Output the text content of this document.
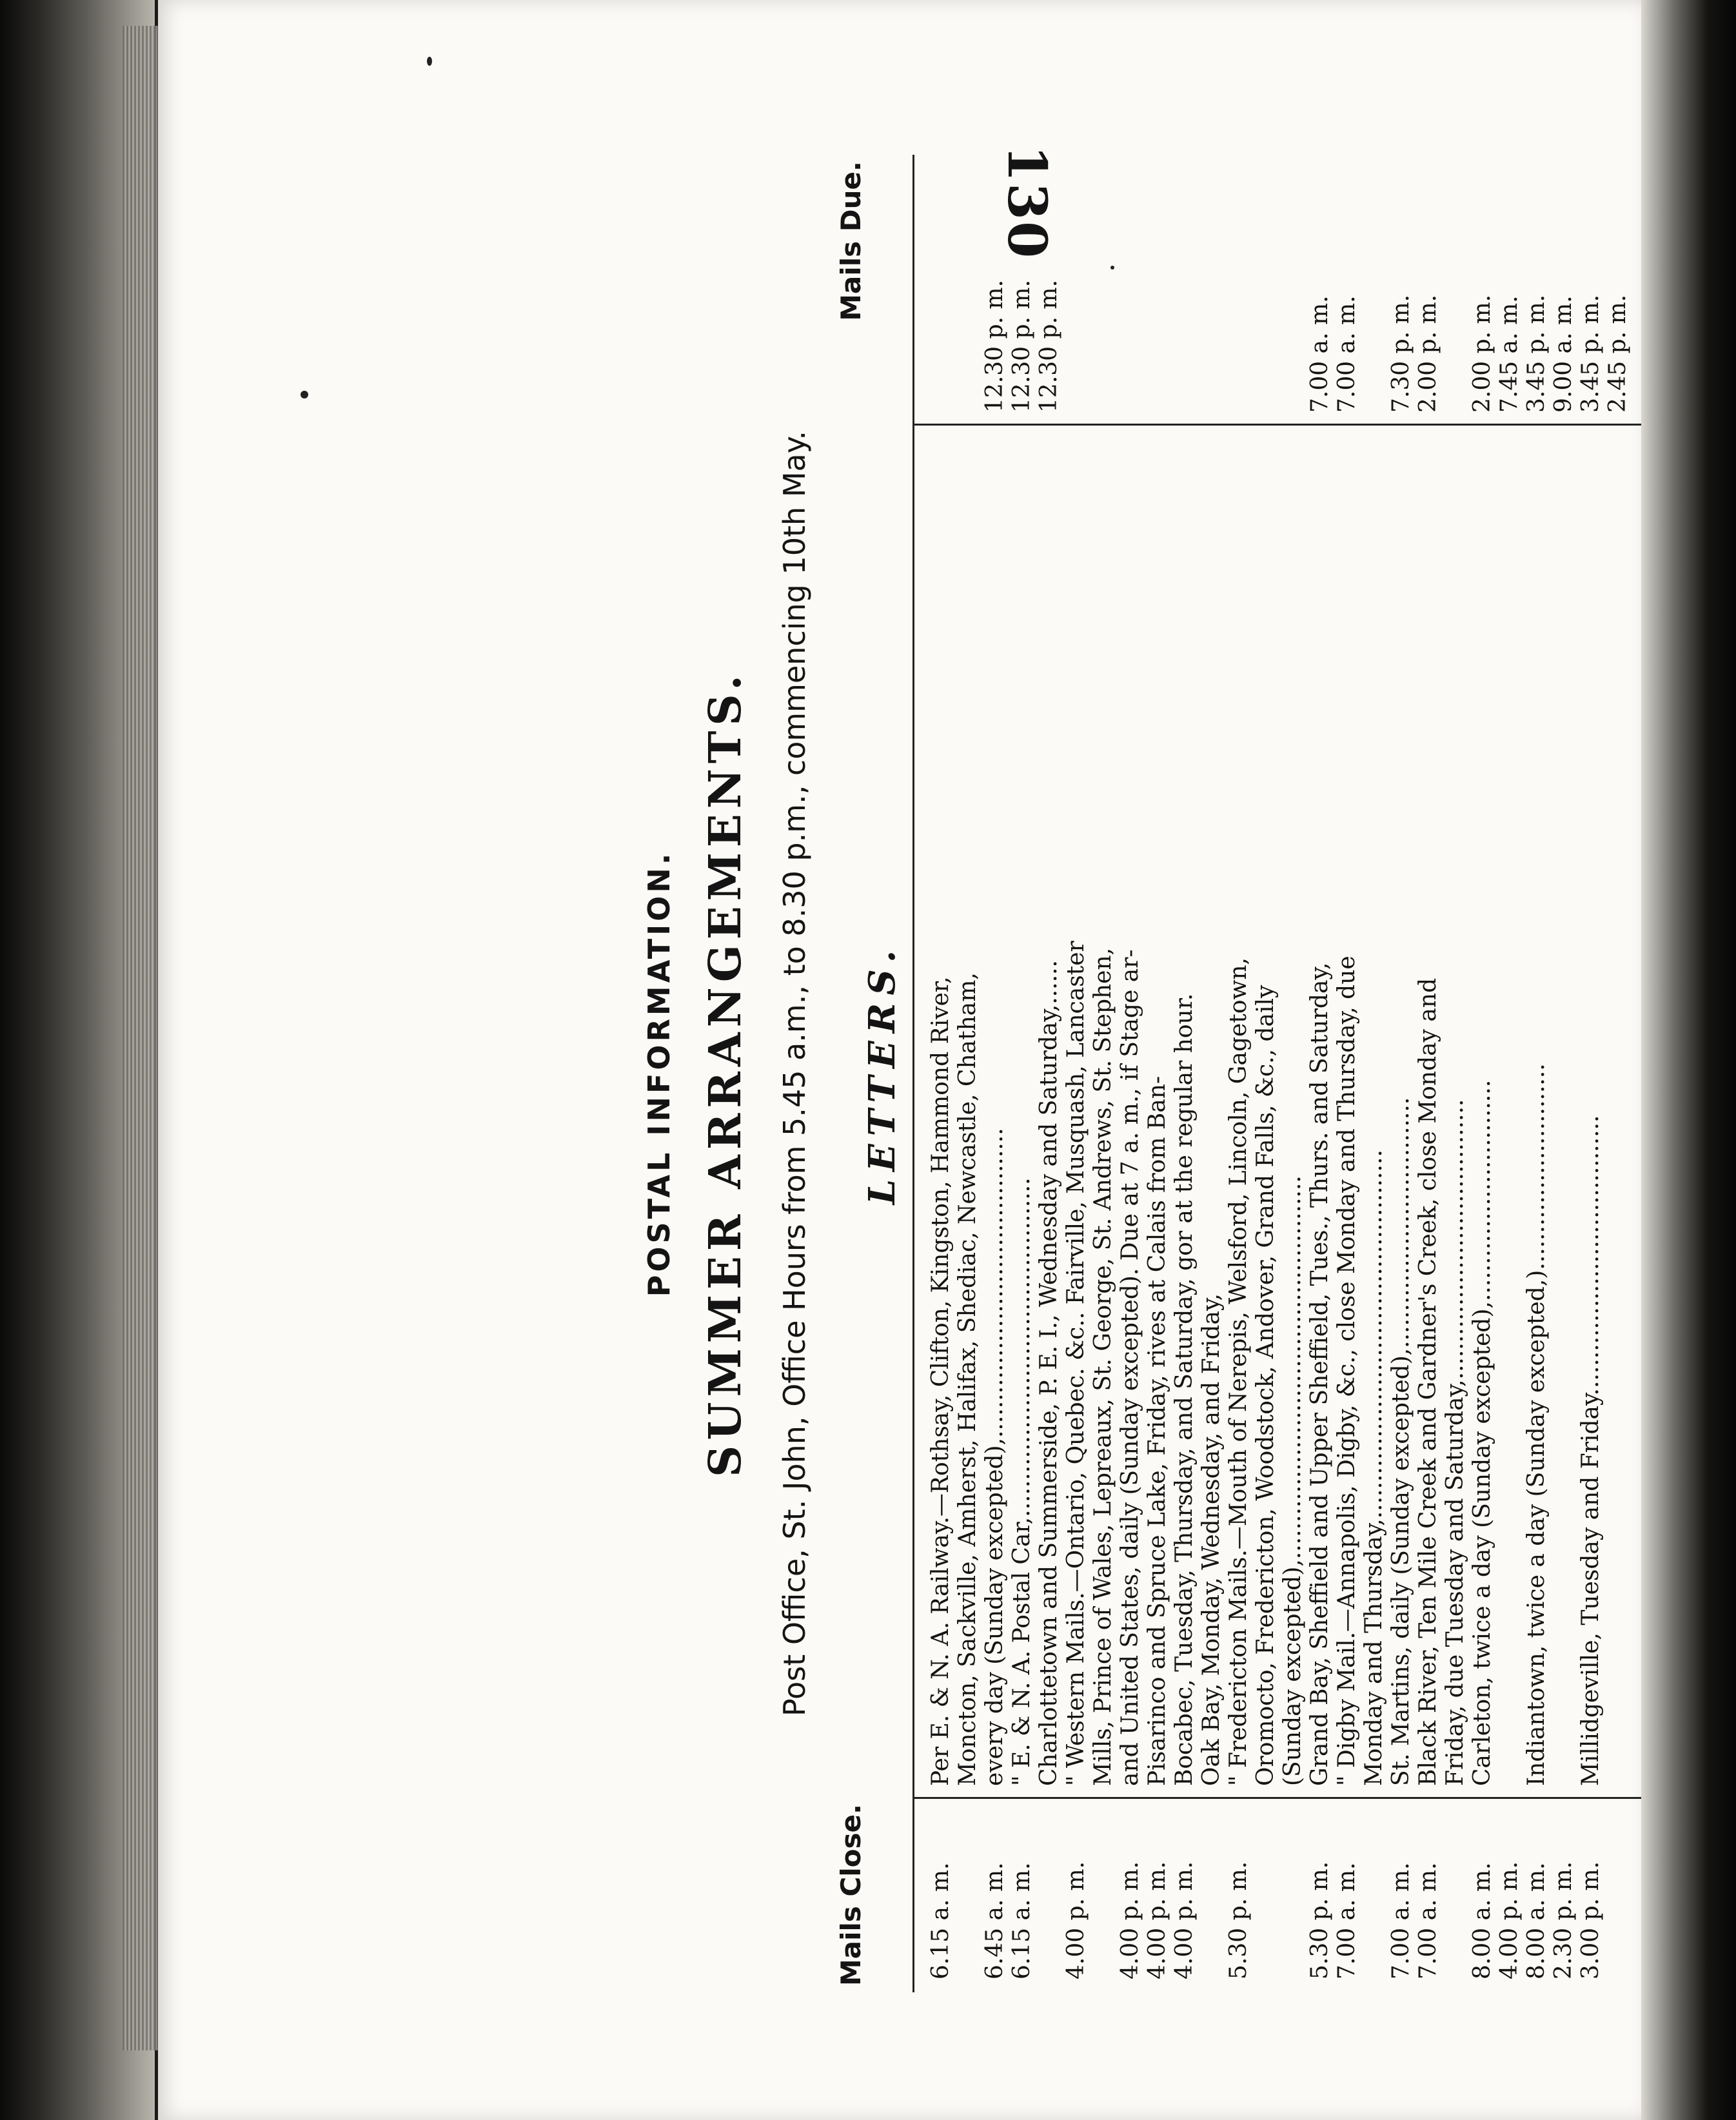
130
POSTAL INFORMATION. SUMMER ARRANGEMENTS. Post Office, St. John, Office Hours from 5.45 a.m., to 8.30 p.m., commencing 10th May.
Mails Close.
Mails Due.
LETTERS.
6.15 a. m.
Per E. & N. A. Railway.—Rothsay, Clifton, Kingston, Hammond River, Moncton, Sackville, Amherst, Halifax, Shediac, Newcastle, Chatham,
6.45 a. m.
every day (Sunday excepted),..........................................
12.30 p. m.
6.15 a. m.
" E. & N. A. Postal Car,..............................................
12.30 p. m.
Charlottetown and Summerside, P. E. I., Wednesday and Saturday,......
12.30 p. m.
4.00 p. m.
" Western Mails.—Ontario, Quebec. &c.. Fairville, Musquash, Lancaster Mills, Prince of Wales, Lepreaux, St. George, St. Andrews, St. Stephen,
4.00 p. m.
and United States, daily (Sunday excepted). Due at 7 a. m., if Stage ar-
4.00 p. m.
Pisarinco and Spruce Lake, Friday, rives at Calais from Ban-
4.00 p. m.
Bocabec, Tuesday, Thursday, and Saturday, gor at the regular hour. Oak Bay, Monday, Wednesday, and Friday,
5.30 p. m.
" Fredericton Mails.—Mouth of Nerepis, Welsford, Lincoln, Gagetown, Oromocto, Fredericton, Woodstock, Andover, Grand Falls, &c., daily (Sunday excepted),....................................................
5.30 p. m.
Grand Bay, Sheffield and Upper Sheffield, Tues., Thurs. and Saturday,
7.00 a. m.
7.00 a. m.
" Digby Mail.—Annapolis, Digby, &c., close Monday and Thursday, due
7.00 a. m.
Monday and Thursday,..................................................
7.00 a. m.
St. Martins, daily (Sunday excepted),..................................
7.30 p. m.
7.00 a. m.
Black River, Ten Mile Creek and Gardner's Creek, close Monday and
2.00 p. m.
Friday, due Tuesday and Saturday,......................................
8.00 a. m.
Carleton, twice a day (Sunday excepted),..............................
2.00 p. m.
4.00 p. m.
7.45 a. m.
8.00 a. m.
Indiantown, twice a day (Sunday excepted,)............................
3.45 p. m.
2.30 p. m.
9.00 a. m.
3.00 p. m.
Millidgeville, Tuesday and Friday......................................
3.45 p. m. 2.45 p. m.
